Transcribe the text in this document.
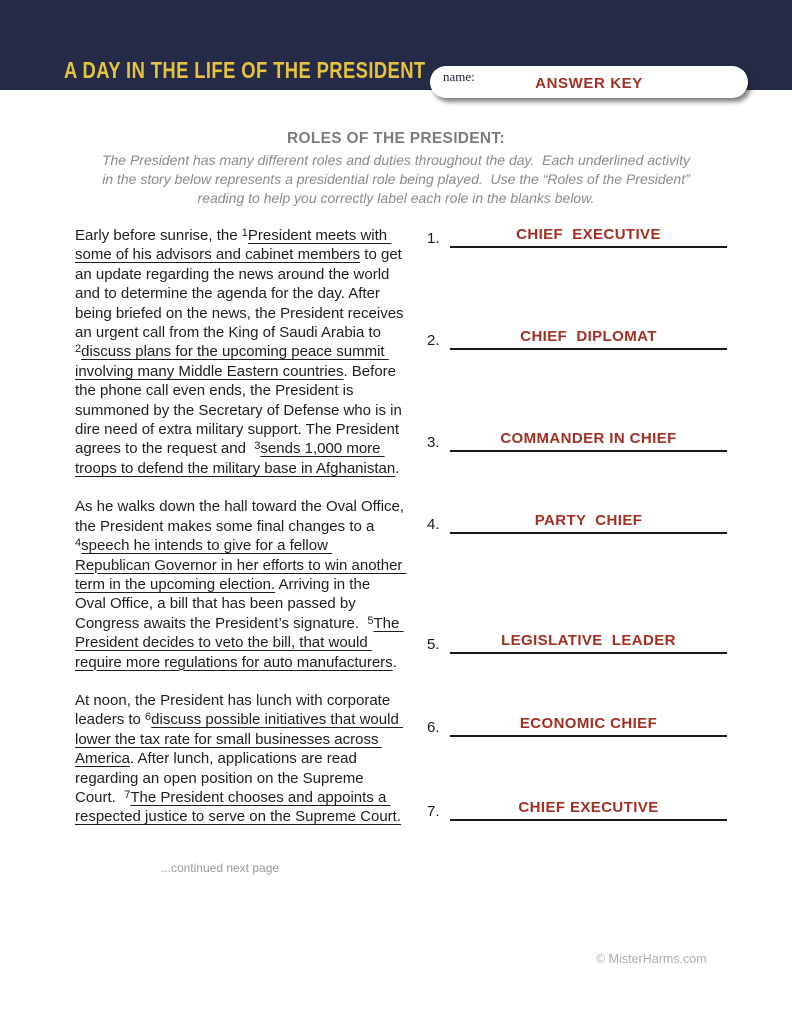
A DAY IN THE LIFE OF THE PRESIDENT name:	ANSWER KEY
ROLES OF THE PRESIDENT:
The President has many different roles and duties throughout the day.  Each underlined activity
in the story below represents a presidential role being played.  Use the “Roles of the President”
reading to help you correctly label each role in the blanks below.

Early before sunrise, the $^1$President meets with some of his advisors and cabinet members to get an update regarding the news around the world and to determine the agenda for the day. After being briefed on the news, the President receives an urgent call from the King of Saudi Arabia to $^2$discuss plans for the upcoming peace summit involving many Middle Eastern countries. Before the phone call even ends, the President is summoned by the Secretary of Defense who is in dire need of extra military support. The President agrees to the request and  $^3$sends 1,000 more troops to defend the military base in Afghanistan.

As he walks down the hall toward the Oval Office, the President makes some final changes to a $^4$speech he intends to give for a fellow Republican Governor in her efforts to win another term in the upcoming election. Arriving in the Oval Office, a bill that has been passed by Congress awaits the President’s signature.  $^5$The President decides to veto the bill, that would require more regulations for auto manufacturers.

At noon, the President has lunch with corporate leaders to $^6$discuss possible initiatives that would lower the tax rate for small businesses across America. After lunch, applications are read regarding an open position on the Supreme Court.  $^7$The President chooses and appoints a respected justice to serve on the Supreme Court.

...continued next page
1.	CHIEF  EXECUTIVE
2.	CHIEF  DIPLOMAT
3.	COMMANDER IN CHIEF
4.	PARTY  CHIEF
5.	LEGISLATIVE  LEADER
6.	ECONOMIC CHIEF
7.	CHIEF EXECUTIVE
© MisterHarms.com
